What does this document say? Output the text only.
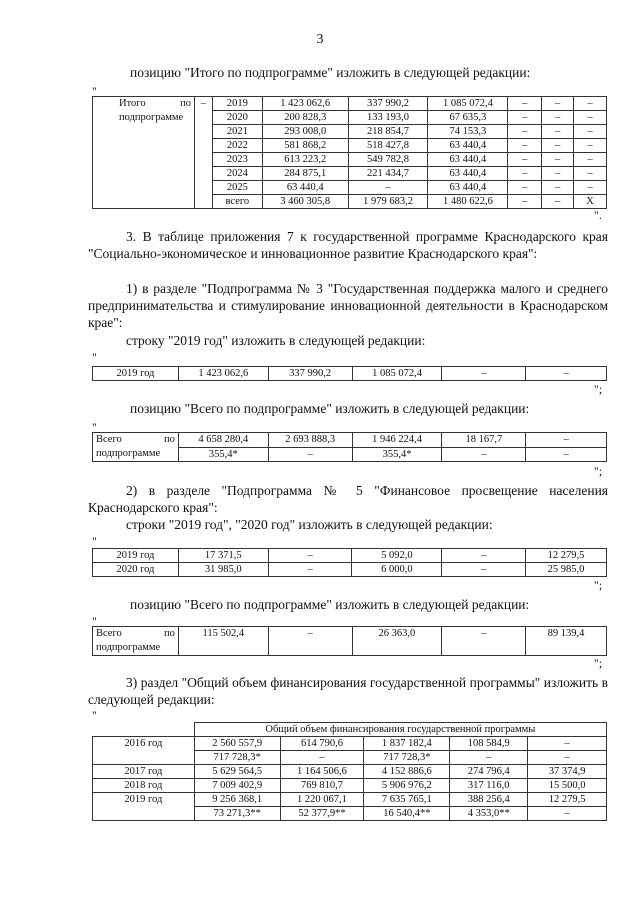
3
позицию "Итого по подпрограмме" изложить в следующей редакции:
"
Итого по подпрограмме	–	2019	1 423 062,6	337 990,2	1 085 072,4	–	–	–
		2020	200 828,3	133 193,0	67 635,3	–	–	–
		2021	293 008,0	218 854,7	74 153,3	–	–	–
		2022	581 868,2	518 427,8	63 440,4	–	–	–
		2023	613 223,2	549 782,8	63 440,4	–	–	–
		2024	284 875,1	221 434,7	63 440,4	–	–	–
		2025	63 440,4	–	63 440,4	–	–	–
		всего	3 460 305,8	1 979 683,2	1 480 622,6	–	–	X
".
3. В таблице приложения 7 к государственной программе Краснодарского края "Социально-экономическое и инновационное развитие Краснодарского края":
1) в разделе "Подпрограмма № 3 "Государственная поддержка малого и среднего предпринимательства и стимулирование инновационной деятельности в Краснодарском крае":
строку "2019 год" изложить в следующей редакции:
"
2019 год	1 423 062,6	337 990,2	1 085 072,4	–	–
";
позицию "Всего по подпрограмме" изложить в следующей редакции:
"
Всего по подпрограмме	4 658 280,4	2 693 888,3	1 946 224,4	18 167,7	–
	355,4*	–	355,4*	–	–
";
2) в разделе "Подпрограмма № 5 "Финансовое просвещение населения Краснодарского края":
строки "2019 год", "2020 год" изложить в следующей редакции:
"
2019 год	17 371,5	–	5 092,0	–	12 279,5
2020 год	31 985,0	–	6 000,0	–	25 985,0
";
позицию "Всего по подпрограмме" изложить в следующей редакции:
"
Всего по подпрограмме	115 502,4	–	26 363,0	–	89 139,4
";
3) раздел "Общий объем финансирования государственной программы" изложить в следующей редакции:
"
	Общий объем финансирования государственной программы				
2016 год	2 560 557,9	614 790,6	1 837 182,4	108 584,9	–
	717 728,3*	–	717 728,3*	–	–
2017 год	5 629 564,5	1 164 506,6	4 152 886,6	274 796,4	37 374,9
2018 год	7 009 402,9	769 810,7	5 906 976,2	317 116,0	15 500,0
2019 год	9 256 368,1	1 220 067,1	7 635 765,1	388 256,4	12 279,5
	73 271,3**	52 377,9**	16 540,4**	4 353,0**	–
